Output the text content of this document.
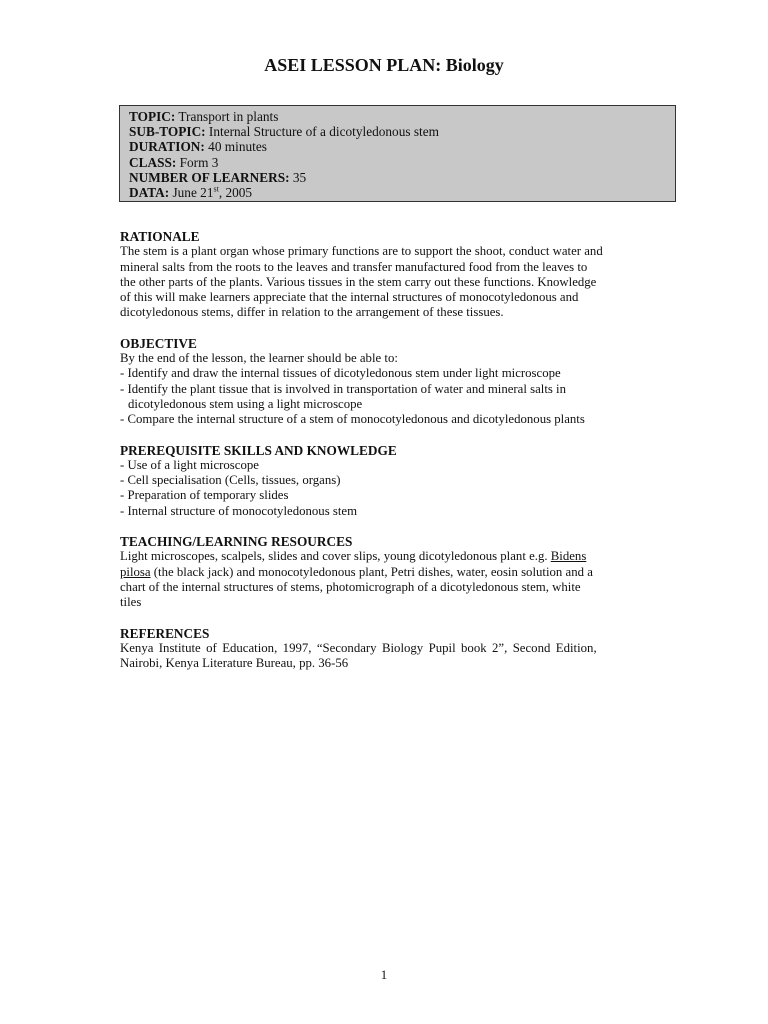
ASEI LESSON PLAN: Biology
TOPIC: Transport in plants
SUB-TOPIC: Internal Structure of a dicotyledonous stem
DURATION: 40 minutes
CLASS: Form 3
NUMBER OF LEARNERS: 35
DATA: June 21st, 2005
RATIONALE
The stem is a plant organ whose primary functions are to support the shoot, conduct water and
mineral salts from the roots to the leaves and transfer manufactured food from the leaves to
the other parts of the plants. Various tissues in the stem carry out these functions. Knowledge
of this will make learners appreciate that the internal structures of monocotyledonous and
dicotyledonous stems, differ in relation to the arrangement of these tissues.
OBJECTIVE
By the end of the lesson, the learner should be able to:
- Identify and draw the internal tissues of dicotyledonous stem under light microscope
- Identify the plant tissue that is involved in transportation of water and mineral salts in
dicotyledonous stem using a light microscope
- Compare the internal structure of a stem of monocotyledonous and dicotyledonous plants
PREREQUISITE SKILLS AND KNOWLEDGE
- Use of a light microscope
- Cell specialisation (Cells, tissues, organs)
- Preparation of temporary slides
- Internal structure of monocotyledonous stem
TEACHING/LEARNING RESOURCES
Light microscopes, scalpels, slides and cover slips, young dicotyledonous plant e.g. Bidens
pilosa (the black jack) and monocotyledonous plant, Petri dishes, water, eosin solution and a
chart of the internal structures of stems, photomicrograph of a dicotyledonous stem, white
tiles
REFERENCES
Kenya Institute of Education, 1997, “Secondary Biology Pupil book 2”, Second Edition,
Nairobi, Kenya Literature Bureau, pp. 36-56
1
